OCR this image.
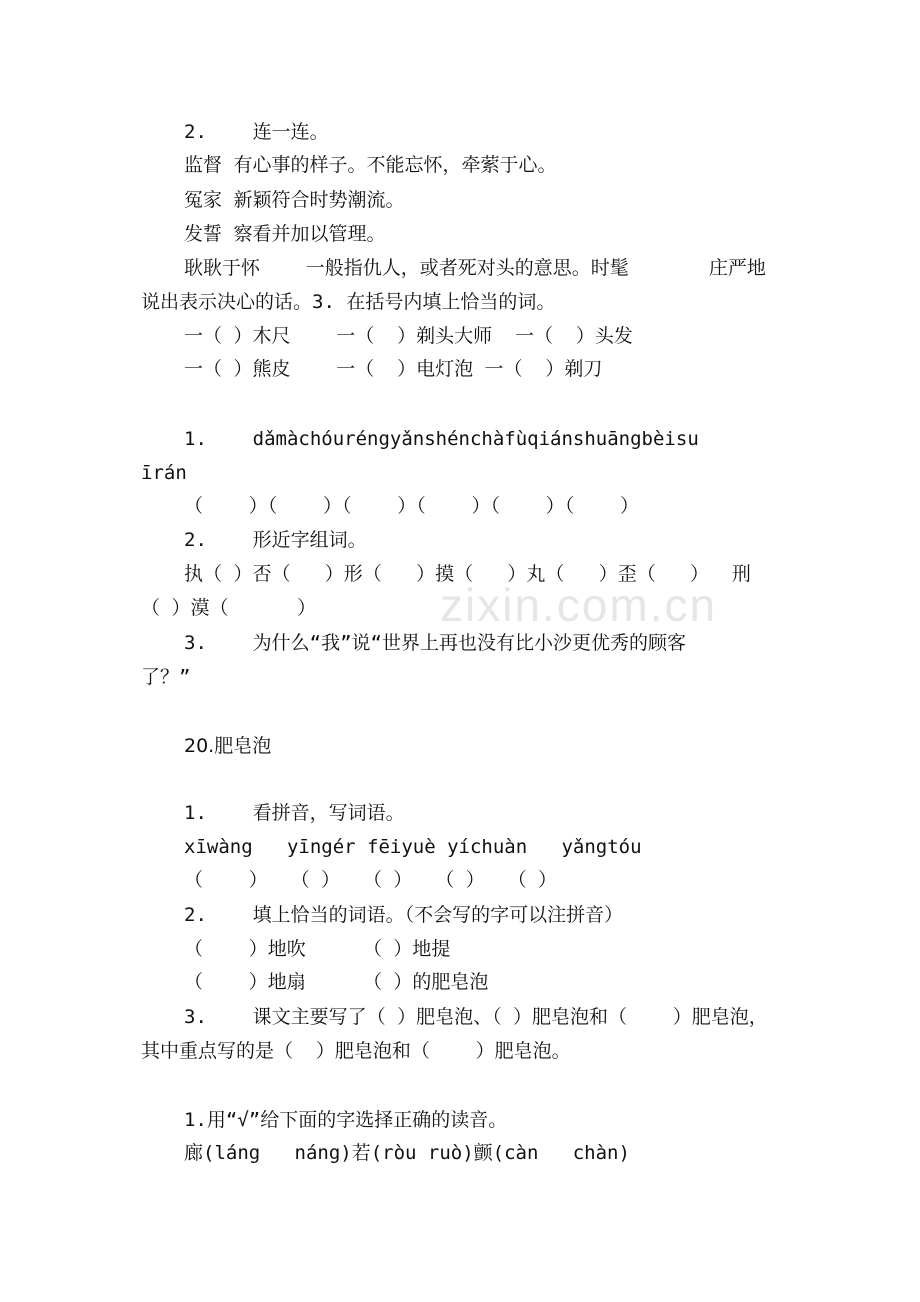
zixin.com.cn
2.    连一连。
监督 有心事的样子。不能忘怀，牵萦于心。
冤家 新颖符合时势潮流。
发誓 察看并加以管理。
耿耿于怀    一般指仇人，或者死对头的意思。时髦       庄严地
说出表示决心的话。3. 在括号内填上恰当的词。
一（ ）木尺    一（  ）剃头大师  一（  ）头发
一（ ）熊皮    一（  ）电灯泡 一（  ）剃刀
1.    dǎmàchóuréngyǎnshénchàfùqiánshuāngbèisu
īrán
（    ）（    ）（    ）（    ）（    ）（    ）
2.    形近字组词。
执（ ）否（   ）形（   ）摸（   ）丸（   ）歪（   ）  刑
（ ）漠（      ）
3.    为什么“我”说“世界上再也没有比小沙更优秀的顾客
了？”
20.肥皂泡
1.    看拼音，写词语。
xīwàng   yīngér fēiyuè yíchuàn   yǎngtóu
（    ）  （ ）  （ ）  （ ）  （ ）
2.    填上恰当的词语。（不会写的字可以注拼音）
（    ）地吹     （ ）地提
（    ）地扇     （ ）的肥皂泡
3.    课文主要写了（ ）肥皂泡、（ ）肥皂泡和（    ）肥皂泡，
其中重点写的是（  ）肥皂泡和（    ）肥皂泡。
1.用“√”给下面的字选择正确的读音。
廊(láng   náng)若(ròu ruò)颤(càn   chàn)
